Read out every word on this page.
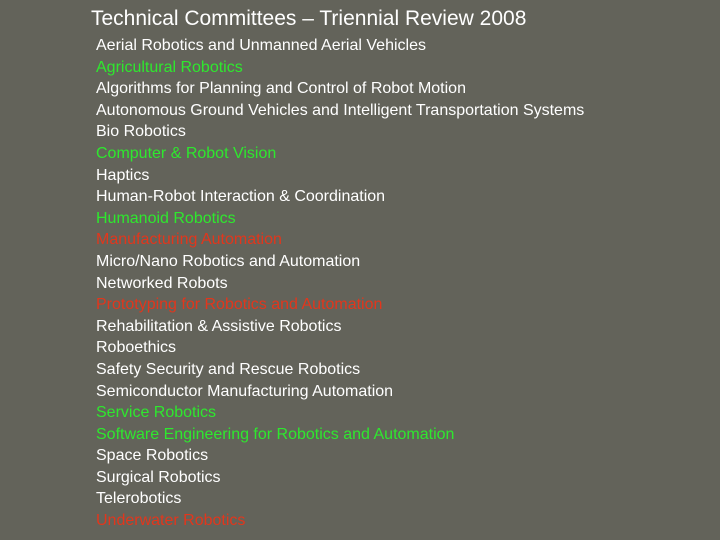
Technical Committees – Triennial Review 2008
Aerial Robotics and Unmanned Aerial Vehicles
Agricultural Robotics
Algorithms for Planning and Control of Robot Motion
Autonomous Ground Vehicles and Intelligent Transportation Systems
Bio Robotics
Computer & Robot Vision
Haptics
Human-Robot Interaction & Coordination
Humanoid Robotics
Manufacturing Automation
Micro/Nano Robotics and Automation
Networked Robots
Prototyping for Robotics and Automation
Rehabilitation & Assistive Robotics
Roboethics
Safety Security and Rescue Robotics
Semiconductor Manufacturing Automation
Service Robotics
Software Engineering for Robotics and Automation
Space Robotics
Surgical Robotics
Telerobotics
Underwater Robotics
